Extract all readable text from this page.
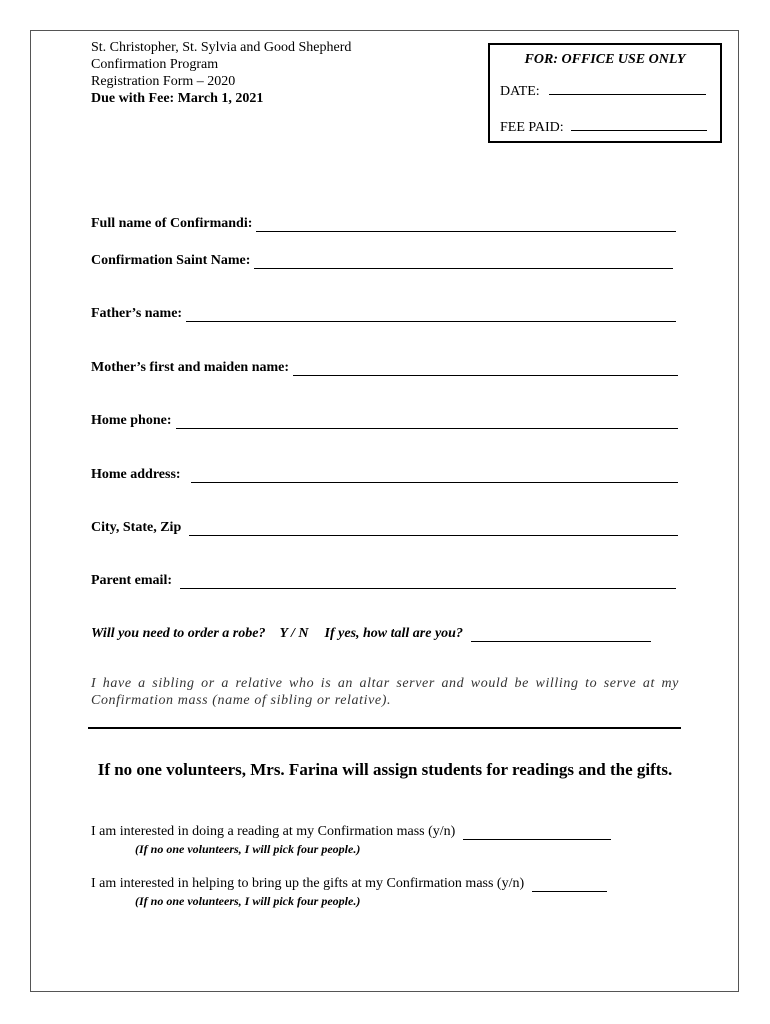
St. Christopher, St. Sylvia and Good Shepherd
Confirmation Program
Registration Form – 2020
Due with Fee: March 1, 2021
FOR: OFFICE USE ONLY
DATE:
FEE PAID:
Full name of Confirmandi:
Confirmation Saint Name:
Father’s name:
Mother’s first and maiden name:
Home phone:
Home address:
City, State, Zip
Parent email:
Will you need to order a robe? Y / N If yes, how tall are you?
I have a sibling or a relative who is an altar server and would be willing to serve at my Confirmation mass (name of sibling or relative).
If no one volunteers, Mrs. Farina will assign students for readings and the gifts.
I am interested in doing a reading at my Confirmation mass (y/n)
(If no one volunteers, I will pick four people.)
I am interested in helping to bring up the gifts at my Confirmation mass (y/n)
(If no one volunteers, I will pick four people.)
